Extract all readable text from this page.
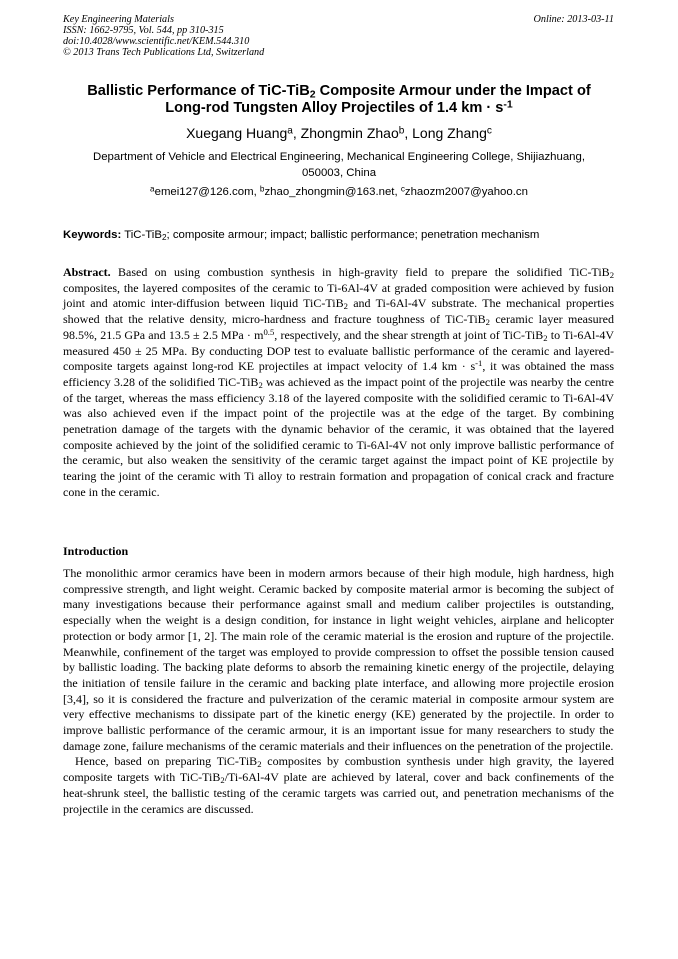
Key Engineering Materials
ISSN: 1662-9795, Vol. 544, pp 310-315
doi:10.4028/www.scientific.net/KEM.544.310
© 2013 Trans Tech Publications Ltd, Switzerland
Online: 2013-03-11
Ballistic Performance of TiC-TiB$_2$ Composite Armour under the Impact of
Long-rod Tungsten Alloy Projectiles of 1.4 km · $s^{-1}$
Xuegang Huang$^a$, Zhongmin Zhao$^b$, Long Zhang$^c$
Department of Vehicle and Electrical Engineering, Mechanical Engineering College, Shijiazhuang,
050003, China
$^a$emei127@126.com, $^b$zhao_zhongmin@163.net, $^c$zhaozm2007@yahoo.cn
Keywords: TiC-TiB$_2$; composite armour; impact; ballistic performance; penetration mechanism
Abstract. Based on using combustion synthesis in high-gravity field to prepare the solidified TiC-TiB$_2$ composites, the layered composites of the ceramic to Ti-6Al-4V at graded composition were achieved by fusion joint and atomic inter-diffusion between liquid TiC-TiB$_2$ and Ti-6Al-4V substrate. The mechanical properties showed that the relative density, micro-hardness and fracture toughness of TiC-TiB$_2$ ceramic layer measured 98.5%, 21.5 GPa and 13.5 ± 2.5 MPa · $m^{0.5}$, respectively, and the shear strength at joint of TiC-TiB$_2$ to Ti-6Al-4V measured 450 ± 25 MPa. By conducting DOP test to evaluate ballistic performance of the ceramic and layered-composite targets against long-rod KE projectiles at impact velocity of 1.4 km · $s^{-1}$, it was obtained the mass efficiency 3.28 of the solidified TiC-TiB$_2$ was achieved as the impact point of the projectile was nearby the centre of the target, whereas the mass efficiency 3.18 of the layered composite with the solidified ceramic to Ti-6Al-4V was also achieved even if the impact point of the projectile was at the edge of the target. By combining penetration damage of the targets with the dynamic behavior of the ceramic, it was obtained that the layered composite achieved by the joint of the solidified ceramic to Ti-6Al-4V not only improve ballistic performance of the ceramic, but also weaken the sensitivity of the ceramic target against the impact point of KE projectile by tearing the joint of the ceramic with Ti alloy to restrain formation and propagation of conical crack and fracture cone in the ceramic.
Introduction

The monolithic armor ceramics have been in modern armors because of their high module, high hardness, high compressive strength, and light weight. Ceramic backed by composite material armor is becoming the subject of many investigations because their performance against small and medium caliber projectiles is outstanding, especially when the weight is a design condition, for instance in light weight vehicles, airplane and helicopter protection or body armor [1, 2]. The main role of the ceramic material is the erosion and rupture of the projectile. Meanwhile, confinement of the target was employed to provide compression to offset the possible tension caused by ballistic loading. The backing plate deforms to absorb the remaining kinetic energy of the projectile, delaying the initiation of tensile failure in the ceramic and backing plate interface, and allowing more projectile erosion [3,4], so it is considered the fracture and pulverization of the ceramic material in composite armour system are very effective mechanisms to dissipate part of the kinetic energy (KE) generated by the projectile. In order to improve ballistic performance of the ceramic armour, it is an important issue for many researchers to study the damage zone, failure mechanisms of the ceramic materials and their influences on the penetration of the projectile.

Hence, based on preparing TiC-TiB$_2$ composites by combustion synthesis under high gravity, the layered composite targets with TiC-TiB$_2$/Ti-6Al-4V plate are achieved by lateral, cover and back confinements of the heat-shrunk steel, the ballistic testing of the ceramic targets was carried out, and penetration mechanisms of the projectile in the ceramics are discussed.
